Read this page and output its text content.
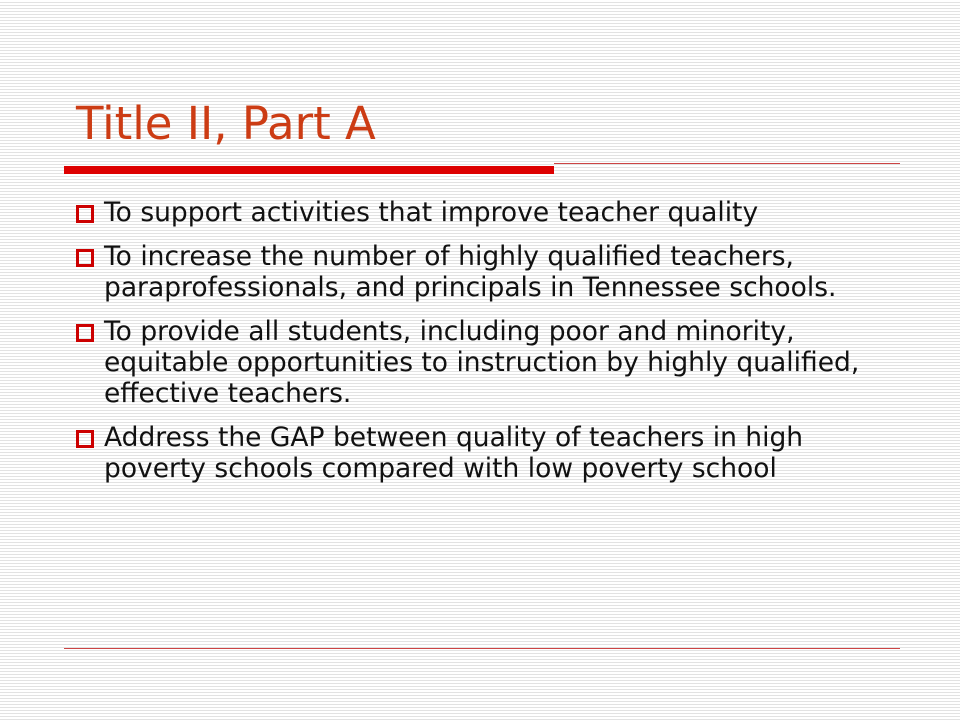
Title II, Part A
To support activities that improve teacher quality
To increase the number of highly qualified teachers, paraprofessionals, and principals in Tennessee schools.
To provide all students, including poor and minority, equitable opportunities to instruction by highly qualified, effective teachers.
Address the GAP between quality of teachers in high poverty schools compared with low poverty school
